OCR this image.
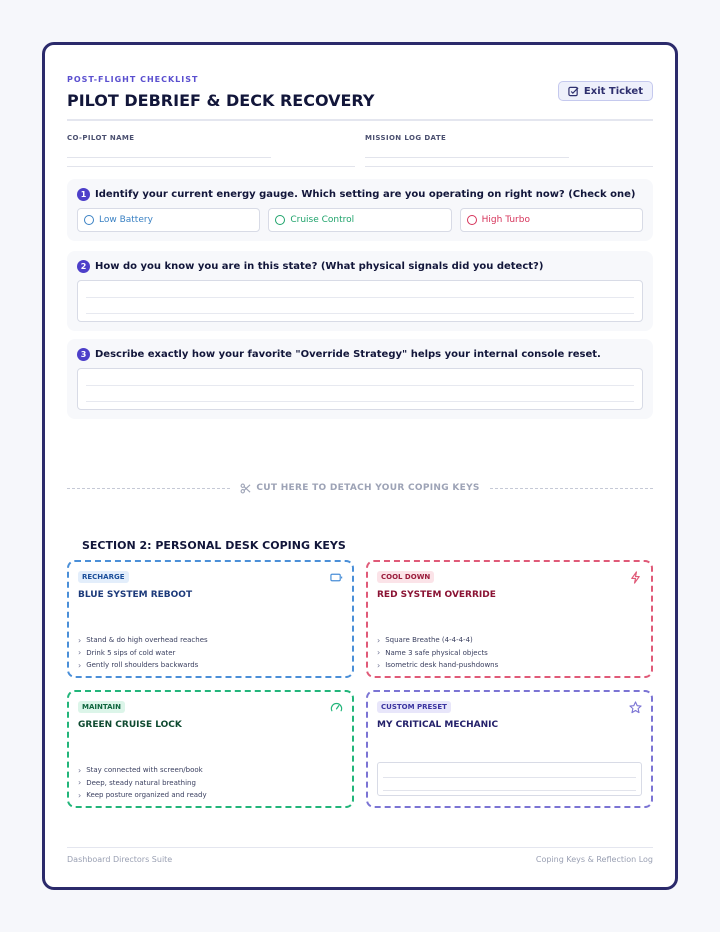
POST-FLIGHT CHECKLIST
PILOT DEBRIEF & DECK RECOVERY	Exit Ticket
CO-PILOT NAME	MISSION LOG DATE
1 Identify your current energy gauge. Which setting are you operating on right now? (Check one)
Low Battery	Cruise Control	High Turbo
2 How do you know you are in this state? (What physical signals did you detect?)
3 Describe exactly how your favorite "Override Strategy" helps your internal console reset.
CUT HERE TO DETACH YOUR COPING KEYS
SECTION 2: PERSONAL DESK COPING KEYS
RECHARGE
BLUE SYSTEM REBOOT
› Stand & do high overhead reaches
› Drink 5 sips of cold water
› Gently roll shoulders backwards
COOL DOWN
RED SYSTEM OVERRIDE
› Square Breathe (4-4-4-4)
› Name 3 safe physical objects
› Isometric desk hand-pushdowns
MAINTAIN
GREEN CRUISE LOCK
› Stay connected with screen/book
› Deep, steady natural breathing
› Keep posture organized and ready
CUSTOM PRESET
MY CRITICAL MECHANIC
Dashboard Directors Suite	Coping Keys & Reflection Log
